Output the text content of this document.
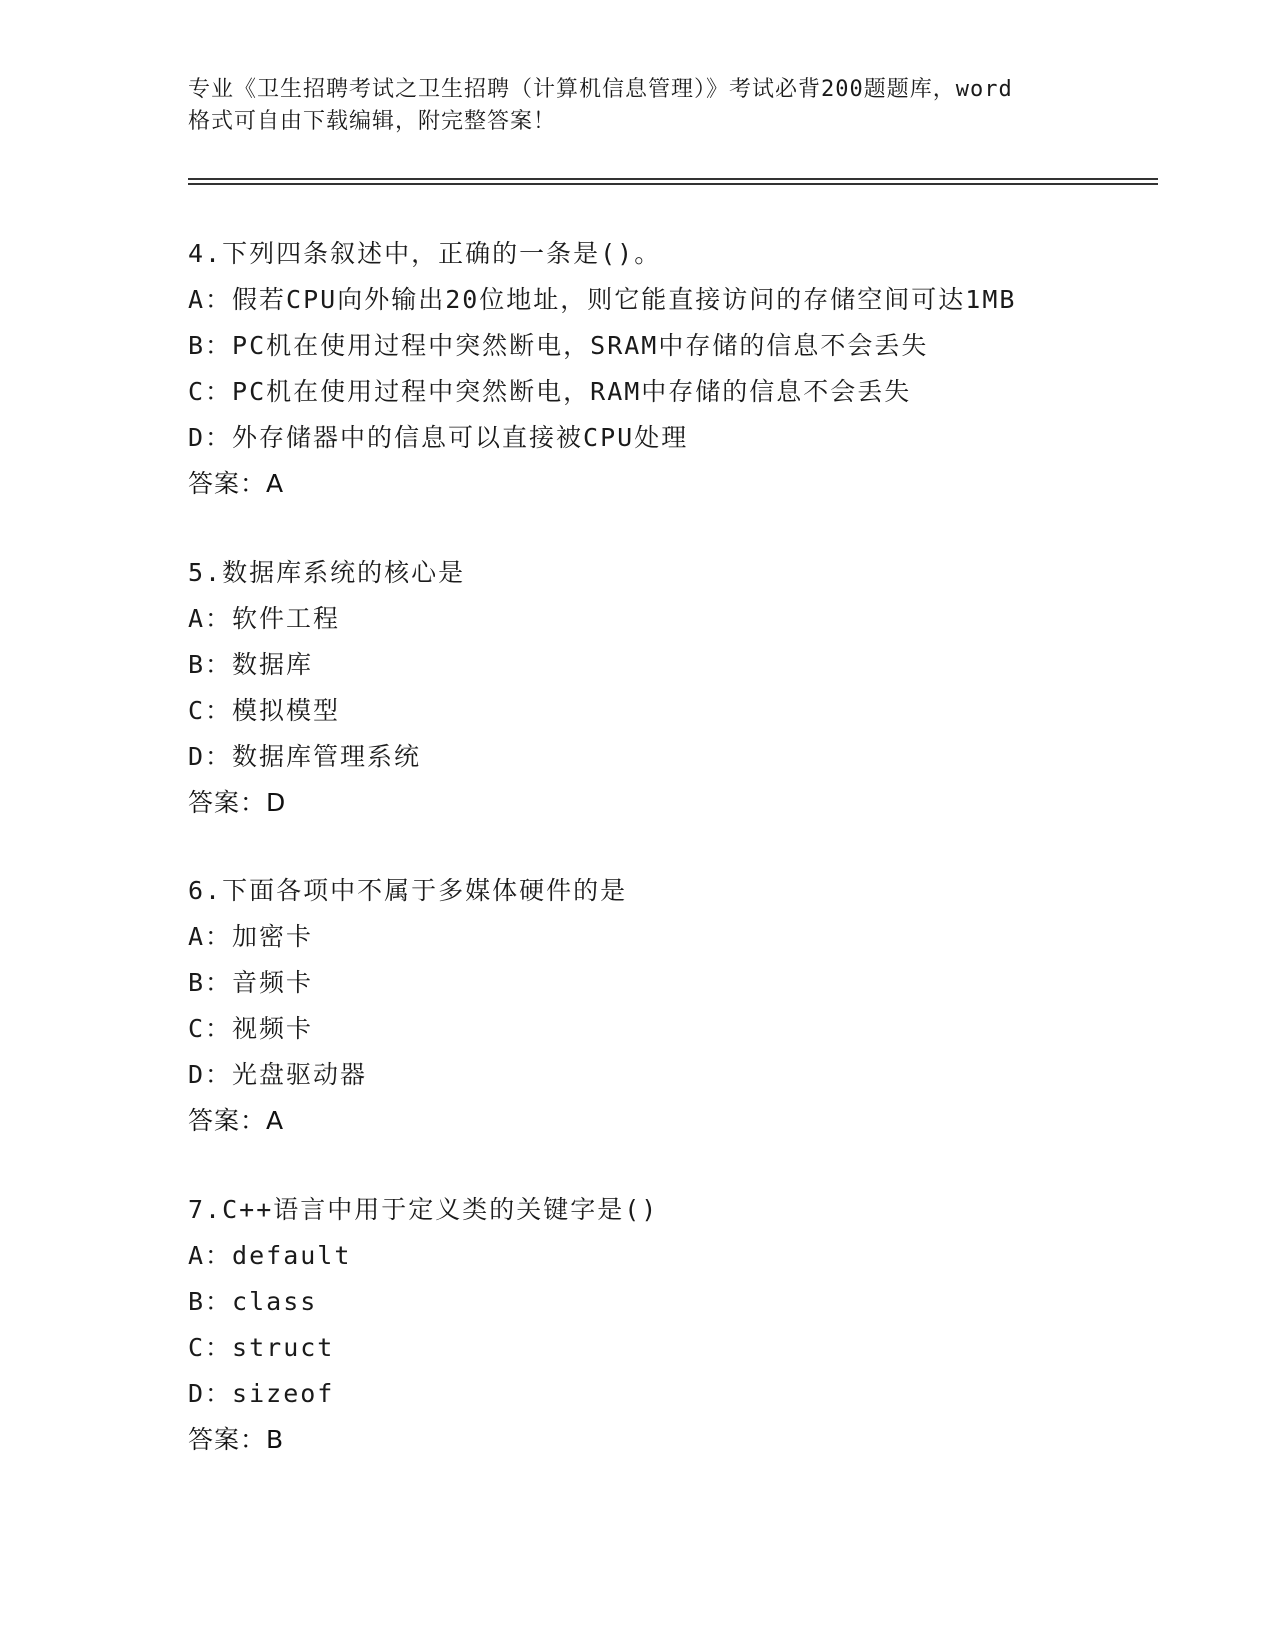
专业《卫生招聘考试之卫生招聘（计算机信息管理）》考试必背200题题库，word
格式可自由下载编辑，附完整答案！
4.下列四条叙述中，正确的一条是()。
A：假若CPU向外输出20位地址，则它能直接访问的存储空间可达1MB
B：PC机在使用过程中突然断电，SRAM中存储的信息不会丢失
C：PC机在使用过程中突然断电，RAM中存储的信息不会丢失
D：外存储器中的信息可以直接被CPU处理
答案：A
5.数据库系统的核心是
A：软件工程
B：数据库
C：模拟模型
D：数据库管理系统
答案：D
6.下面各项中不属于多媒体硬件的是
A：加密卡
B：音频卡
C：视频卡
D：光盘驱动器
答案：A
7.C++语言中用于定义类的关键字是()
A：default
B：class
C：struct
D：sizeof
答案：B
